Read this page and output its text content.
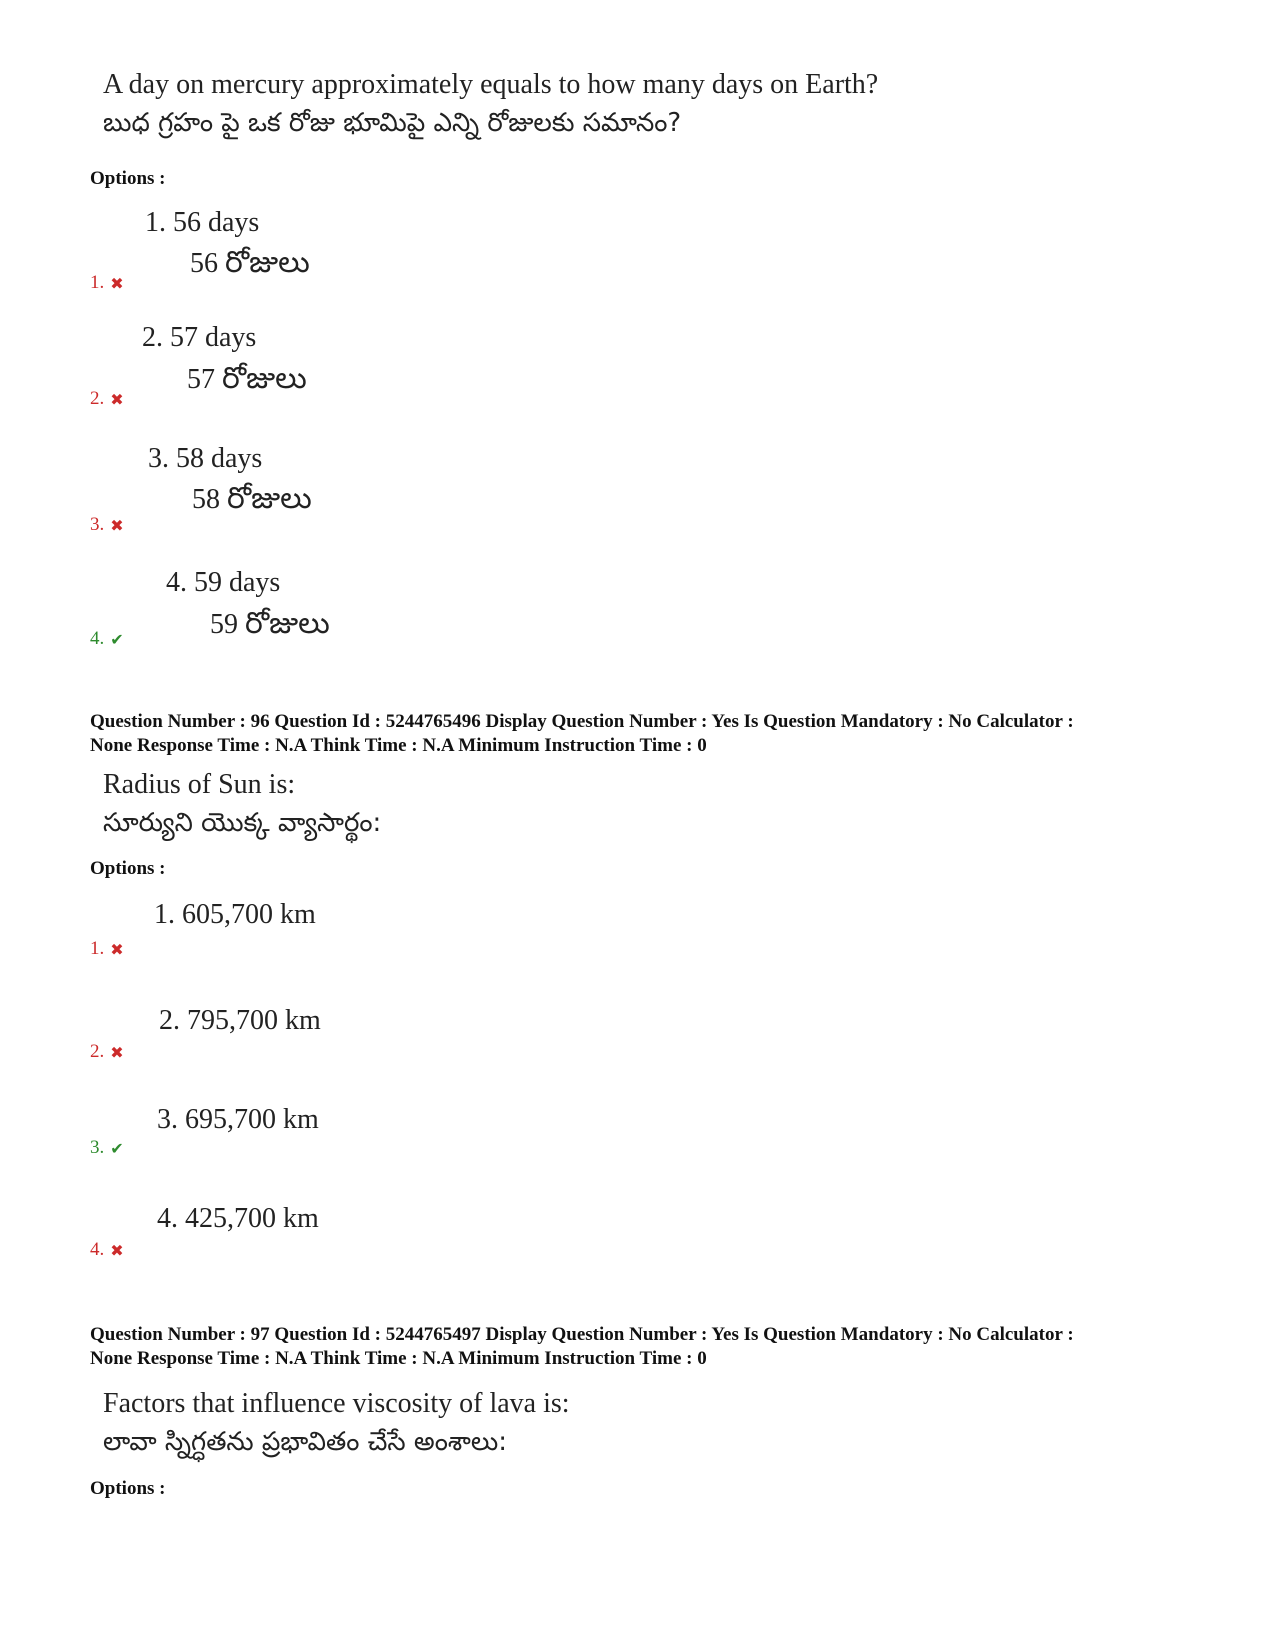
A day on mercury approximately equals to how many days on Earth?
బుధ గ్రహం పై ఒక రోజు భూమిపై ఎన్ని రోజులకు సమానం?
Options :
1. 56 days
56 రోజులు
1. ✖
2. 57 days
57 రోజులు
2. ✖
3. 58 days
58 రోజులు
3. ✖
4. 59 days
59 రోజులు
4. ✔
Question Number : 96 Question Id : 5244765496 Display Question Number : Yes Is Question Mandatory : No Calculator :
None Response Time : N.A Think Time : N.A Minimum Instruction Time : 0
Radius of Sun is:
సూర్యుని యొక్క వ్యాసార్థం:
Options :
1. 605,700 km
1. ✖
2. 795,700 km
2. ✖
3. 695,700 km
3. ✔
4. 425,700 km
4. ✖
Question Number : 97 Question Id : 5244765497 Display Question Number : Yes Is Question Mandatory : No Calculator :
None Response Time : N.A Think Time : N.A Minimum Instruction Time : 0
Factors that influence viscosity of lava is:
లావా స్నిగ్ధతను ప్రభావితం చేసే అంశాలు:
Options :
